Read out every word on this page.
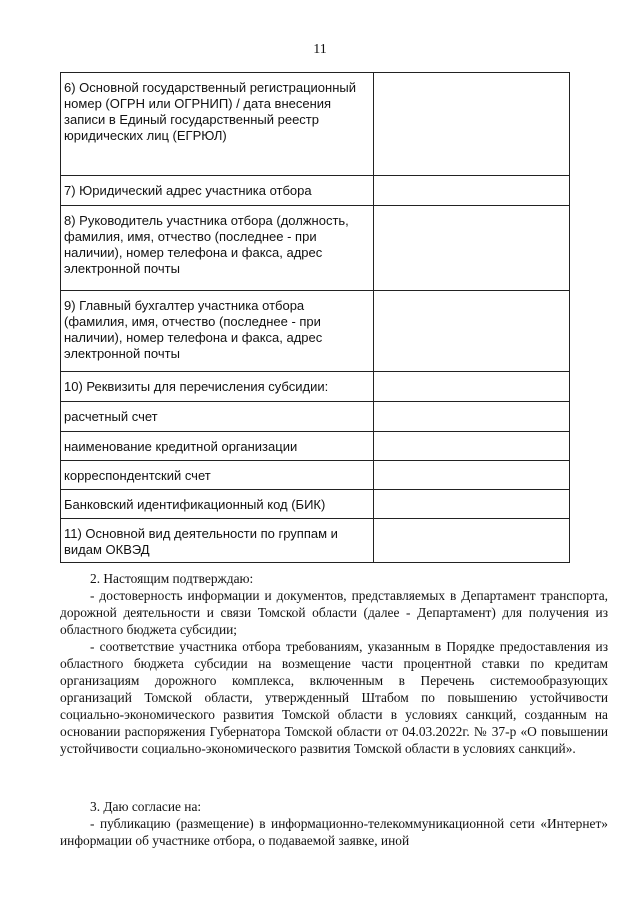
11
6) Основной государственный регистрационный номер (ОГРН или ОГРНИП) / дата внесения записи в Единый государственный реестр юридических лиц (ЕГРЮЛ)	
7) Юридический адрес участника отбора	
8) Руководитель участника отбора (должность, фамилия, имя, отчество (последнее - при наличии), номер телефона и факса, адрес электронной почты	
9) Главный бухгалтер участника отбора (фамилия, имя, отчество (последнее - при наличии), номер телефона и факса, адрес электронной почты	
10) Реквизиты для перечисления субсидии:	
расчетный счет	
наименование кредитной организации	
корреспондентский счет	
Банковский идентификационный код (БИК)	
11) Основной вид деятельности по группам и видам ОКВЭД	

2. Настоящим подтверждаю:

- достоверность информации и документов, представляемых в Департамент транспорта, дорожной деятельности и связи Томской области (далее - Департамент) для получения из областного бюджета субсидии;

- соответствие участника отбора требованиям, указанным в Порядке предоставления из областного бюджета субсидии на возмещение части процентной ставки по кредитам организациям дорожного комплекса, включенным в Перечень системообразующих организаций Томской области, утвержденный Штабом по повышению устойчивости социально-экономического развития Томской области в условиях санкций, созданным на основании распоряжения Губернатора Томской области от 04.03.2022г. № 37-р «О повышении устойчивости социально-экономического развития Томской области в условиях санкций».

3. Даю согласие на:

- публикацию (размещение) в информационно-телекоммуникационной сети «Интернет» информации об участнике отбора, о подаваемой заявке, иной
